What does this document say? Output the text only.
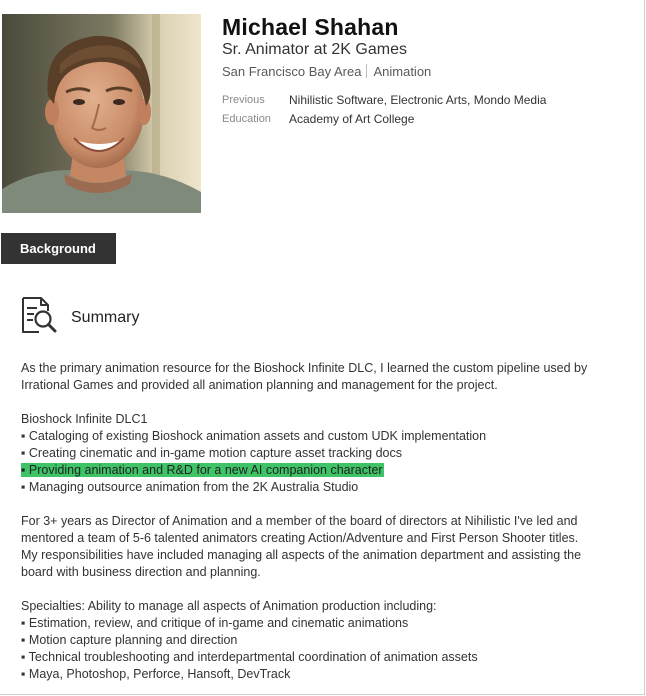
Michael Shahan
Sr. Animator at 2K Games
San Francisco Bay Area Animation
Previous Nihilistic Software, Electronic Arts, Mondo Media
Education Academy of Art College
Background
Summary
As the primary animation resource for the Bioshock Infinite DLC, I learned the custom pipeline used by
Irrational Games and provided all animation planning and management for the project.
Bioshock Infinite DLC1
▪ Cataloging of existing Bioshock animation assets and custom UDK implementation
▪ Creating cinematic and in-game motion capture asset tracking docs
▪ Providing animation and R&D for a new AI companion character
▪ Managing outsource animation from the 2K Australia Studio
For 3+ years as Director of Animation and a member of the board of directors at Nihilistic I've led and
mentored a team of 5-6 talented animators creating Action/Adventure and First Person Shooter titles.
My responsibilities have included managing all aspects of the animation department and assisting the
board with business direction and planning.
Specialties: Ability to manage all aspects of Animation production including:
▪ Estimation, review, and critique of in-game and cinematic animations
▪ Motion capture planning and direction
▪ Technical troubleshooting and interdepartmental coordination of animation assets
▪ Maya, Photoshop, Perforce, Hansoft, DevTrack
